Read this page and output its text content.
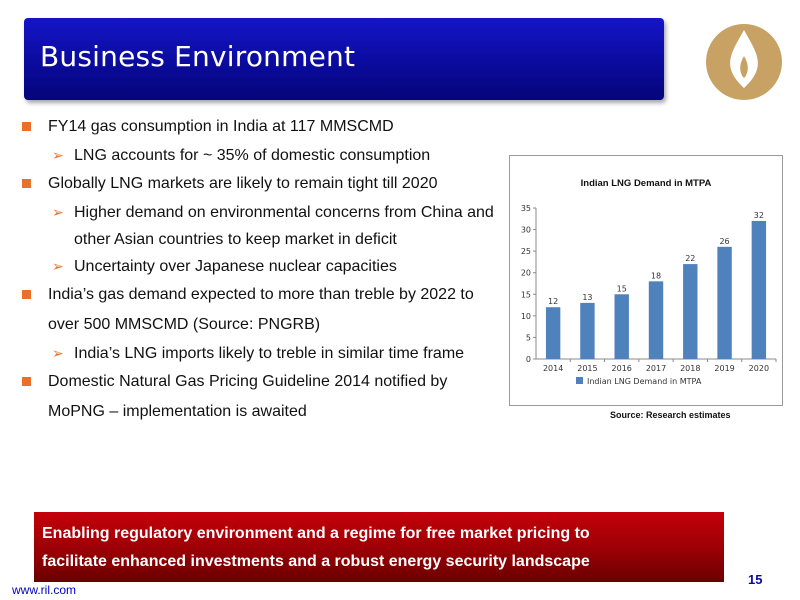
Business Environment
FY14 gas consumption in India at 117 MMSCMD
➢ LNG accounts for ~ 35% of domestic consumption
Globally LNG markets are likely to remain tight till 2020
➢ Higher demand on environmental concerns from China and other Asian countries to keep market in deficit
➢ Uncertainty over Japanese nuclear capacities
India’s gas demand expected to more than treble by 2022 to over 500 MMSCMD (Source: PNGRB)
➢ India’s LNG imports likely to treble in similar time frame
Domestic Natural Gas Pricing Guideline 2014 notified by MoPNG – implementation is awaited
Indian LNG Demand in MTPA
0
5
10
15
20
25
30
35
12
2014
13
2015
15
2016
18
2017
22
2018
26
2019
32
2020
Indian LNG Demand in MTPA
Source: Research estimates

Enabling regulatory environment and a regime for free market pricing to
facilitate enhanced investments and a robust energy security landscape

www.ril.com
15
